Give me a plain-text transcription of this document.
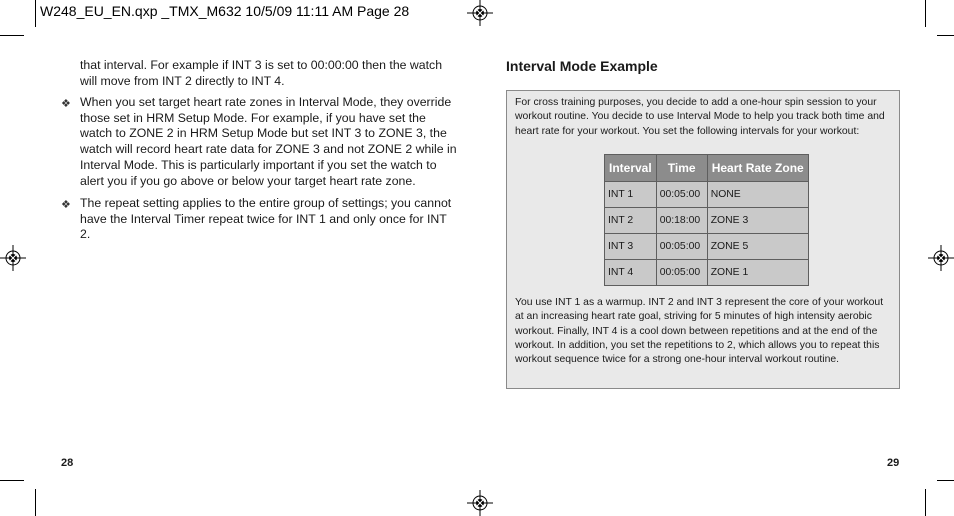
W248_EU_EN.qxp _TMX_M632 10/5/09 11:11 AM Page 28
that interval. For example if INT 3 is set to 00:00:00 then the watch will move from INT 2 directly to INT 4.
❖ When you set target heart rate zones in Interval Mode, they override those set in HRM Setup Mode. For example, if you have set the watch to ZONE 2 in HRM Setup Mode but set INT 3 to ZONE 3, the watch will record heart rate data for ZONE 3 and not ZONE 2 while in Interval Mode. This is particularly important if you set the watch to alert you if you go above or below your target heart rate zone.
❖ The repeat setting applies to the entire group of settings; you cannot have the Interval Timer repeat twice for INT 1 and only once for INT 2.
28
Interval Mode Example
For cross training purposes, you decide to add a one-hour spin session to your workout routine. You decide to use Interval Mode to help you track both time and heart rate for your workout. You set the following intervals for your workout:
Interval	Time	Heart Rate Zone
INT 1	00:05:00	NONE
INT 2	00:18:00	ZONE 3
INT 3	00:05:00	ZONE 5
INT 4	00:05:00	ZONE 1
You use INT 1 as a warmup. INT 2 and INT 3 represent the core of your workout at an increasing heart rate goal, striving for 5 minutes of high intensity aerobic workout. Finally, INT 4 is a cool down between repetitions and at the end of the workout. In addition, you set the repetitions to 2, which allows you to repeat this workout sequence twice for a strong one-hour interval workout routine.
29
